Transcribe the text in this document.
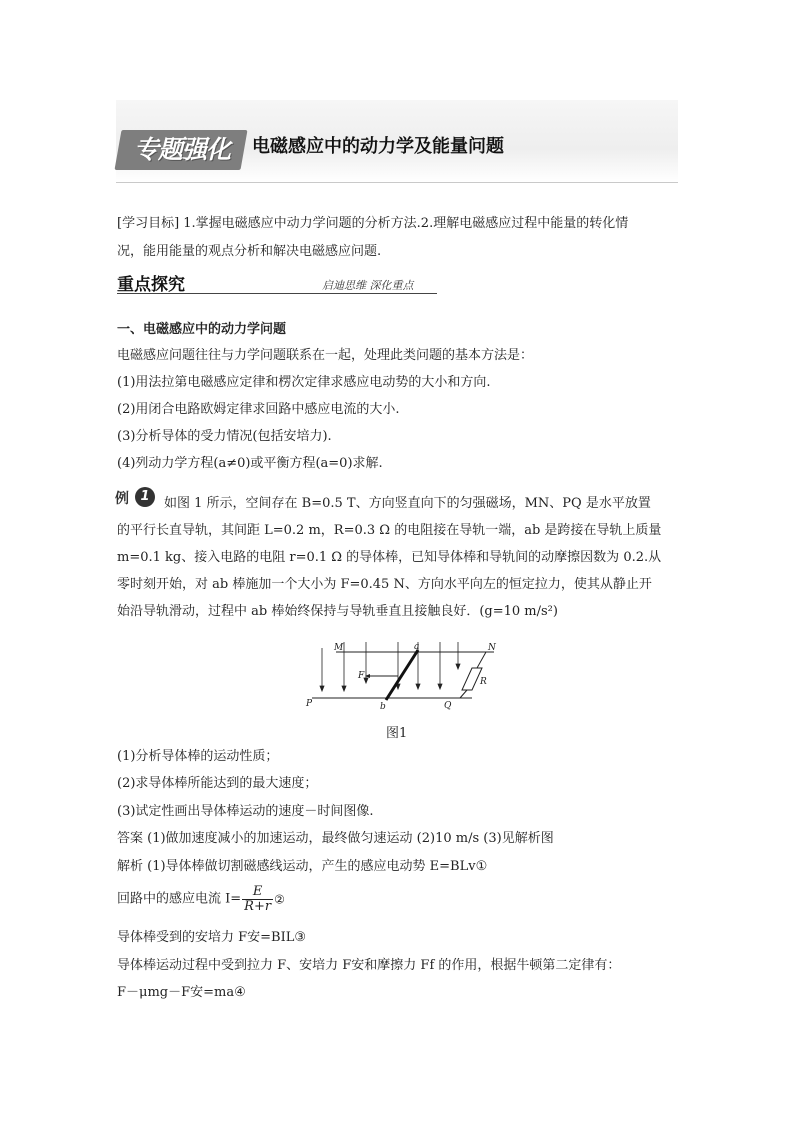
专题强化	电磁感应中的动力学及能量问题
[学习目标] 1.掌握电磁感应中动力学问题的分析方法.2.理解电磁感应过程中能量的转化情
况，能用能量的观点分析和解决电磁感应问题.
重点探究	启迪思维 深化重点
一、电磁感应中的动力学问题
电磁感应问题往往与力学问题联系在一起，处理此类问题的基本方法是：
(1)用法拉第电磁感应定律和楞次定律求感应电动势的大小和方向.
(2)用闭合电路欧姆定律求回路中感应电流的大小.
(3)分析导体的受力情况(包括安培力).
(4)列动力学方程(a≠0)或平衡方程(a=0)求解.
例 1	如图 1 所示，空间存在 B=0.5 T、方向竖直向下的匀强磁场，MN、PQ 是水平放置
的平行长直导轨，其间距 L=0.2 m，R=0.3 Ω 的电阻接在导轨一端，ab 是跨接在导轨上质量
m=0.1 kg、接入电路的电阻 r=0.1 Ω 的导体棒，已知导体棒和导轨间的动摩擦因数为 0.2.从
零时刻开始，对 ab 棒施加一个大小为 F=0.45 N、方向水平向左的恒定拉力，使其从静止开
始沿导轨滑动，过程中 ab 棒始终保持与导轨垂直且接触良好．(g=10 m/s²)
M	N
P	Q
a
b
F
R
图1
(1)分析导体棒的运动性质；
(2)求导体棒所能达到的最大速度；
(3)试定性画出导体棒运动的速度－时间图像.
答案 (1)做加速度减小的加速运动，最终做匀速运动 (2)10 m/s (3)见解析图
解析 (1)导体棒做切割磁感线运动，产生的感应电动势 E=BLv①
回路中的感应电流 $I= \frac{E}{R+r}$ ②
导体棒受到的安培力 F安=BIL③
导体棒运动过程中受到拉力 F、安培力 F安和摩擦力 Ff 的作用，根据牛顿第二定律有：
F－μmg－F安=ma④
